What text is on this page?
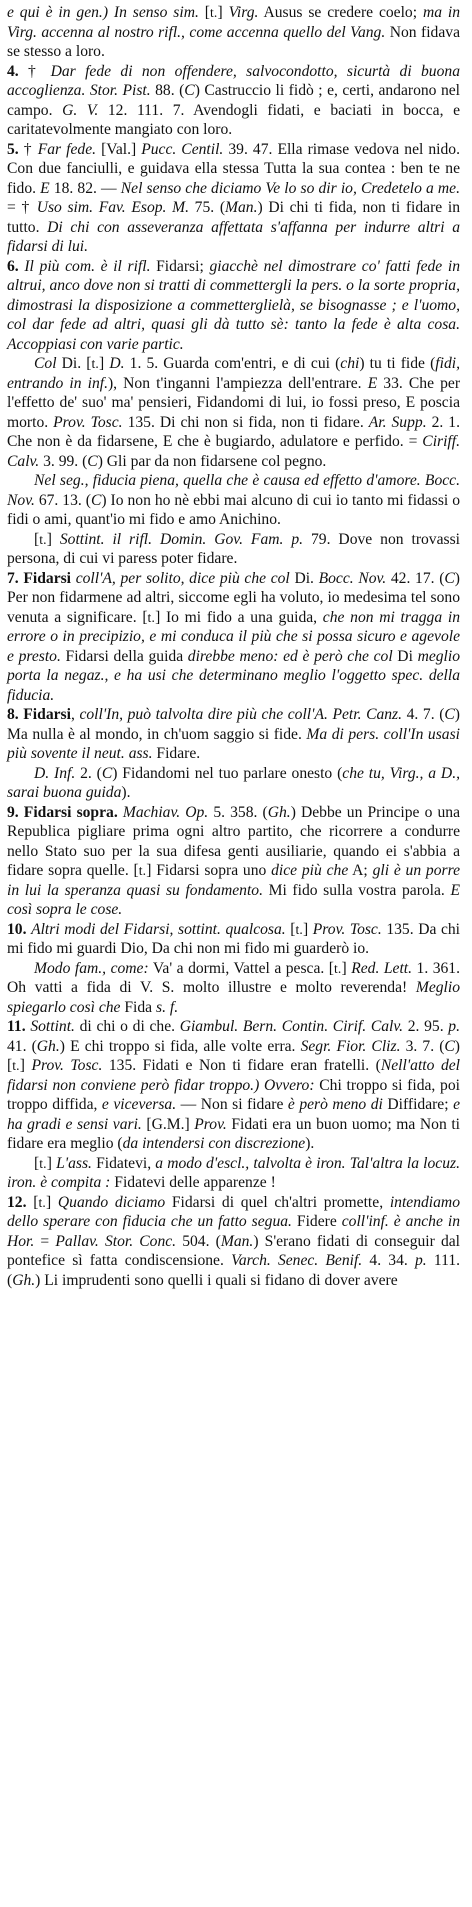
e qui è in gen.) In senso sim. [t.] Virg. Ausus se credere coelo; ma in Virg. accenna al nostro rifl., come accenna quello del Vang. Non fidava se stesso a loro.

4. † Dar fede di non offendere, salvocondotto, sicurtà di buona accoglienza. Stor. Pist. 88. (C) Castruccio li fidò ; e, certi, andarono nel campo. G. V. 12. 111. 7. Avendogli fidati, e baciati in bocca, e caritatevolmente mangiato con loro.

5. † Far fede. [Val.] Pucc. Centil. 39. 47. Ella rimase vedova nel nido. Con due fanciulli, e guidava ella stessa Tutta la sua contea : ben te ne fido. E 18. 82. — Nel senso che diciamo Ve lo so dir io, Credetelo a me. = † Uso sim. Fav. Esop. M. 75. (Man.) Di chi ti fida, non ti fidare in tutto. Di chi con asseveranza affettata s'affanna per indurre altri a fidarsi di lui.

6. Il più com. è il rifl. Fidarsi; giacchè nel dimostrare co' fatti fede in altrui, anco dove non si tratti di commettergli la pers. o la sorte propria, dimostrasi la disposizione a commetterglielà, se bisognasse ; e l'uomo, col dar fede ad altri, quasi gli dà tutto sè: tanto la fede è alta cosa. Accoppiasi con varie partic.

Col Di. [t.] D. 1. 5. Guarda com'entri, e di cui (chi) tu ti fide (fidi, entrando in inf.), Non t'inganni l'ampiezza dell'entrare. E 33. Che per l'effetto de' suo' ma' pensieri, Fidandomi di lui, io fossi preso, E poscia morto. Prov. Tosc. 135. Di chi non si fida, non ti fidare. Ar. Supp. 2. 1. Che non è da fidarsene, E che è bugiardo, adulatore e perfido. = Ciriff. Calv. 3. 99. (C) Gli par da non fidarsene col pegno.

Nel seg., fiducia piena, quella che è causa ed effetto d'amore. Bocc. Nov. 67. 13. (C) Io non ho nè ebbi mai alcuno di cui io tanto mi fidassi o fidi o ami, quant'io mi fido e amo Anichino.

[t.] Sottint. il rifl. Domin. Gov. Fam. p. 79. Dove non trovassi persona, di cui vi paress poter fidare.

7. Fidarsi coll'A, per solito, dice più che col Di. Bocc. Nov. 42. 17. (C) Per non fidarmene ad altri, siccome egli ha voluto, io medesima tel sono venuta a significare. [t.] Io mi fido a una guida, che non mi tragga in errore o in precipizio, e mi conduca il più che si possa sicuro e agevole e presto. Fidarsi della guida direbbe meno: ed è però che col Di meglio porta la negaz., e ha usi che determinano meglio l'oggetto spec. della fiducia.

8. Fidarsi, coll'In, può talvolta dire più che coll'A. Petr. Canz. 4. 7. (C) Ma nulla è al mondo, in ch'uom saggio si fide. Ma di pers. coll'In usasi più sovente il neut. ass. Fidare.

D. Inf. 2. (C) Fidandomi nel tuo parlare onesto (che tu, Virg., a D., sarai buona guida).

9. Fidarsi sopra. Machiav. Op. 5. 358. (Gh.) Debbe un Principe o una Republica pigliare prima ogni altro partito, che ricorrere a condurre nello Stato suo per la sua difesa genti ausiliarie, quando ei s'abbia a fidare sopra quelle. [t.] Fidarsi sopra uno dice più che A; gli è un porre in lui la speranza quasi su fondamento. Mi fido sulla vostra parola. E così sopra le cose.

10. Altri modi del Fidarsi, sottint. qualcosa. [t.] Prov. Tosc. 135. Da chi mi fido mi guardi Dio, Da chi non mi fido mi guarderò io.

Modo fam., come: Va' a dormi, Vattel a pesca. [t.] Red. Lett. 1. 361. Oh vatti a fida di V. S. molto illustre e molto reverenda! Meglio spiegarlo così che Fida s. f.

11. Sottint. di chi o di che. Giambul. Bern. Contin. Cirif. Calv. 2. 95. p. 41. (Gh.) E chi troppo si fida, alle volte erra. Segr. Fior. Cliz. 3. 7. (C) [t.] Prov. Tosc. 135. Fidati e Non ti fidare eran fratelli. (Nell'atto del fidarsi non conviene però fidar troppo.) Ovvero: Chi troppo si fida, poi troppo diffida, e viceversa. — Non si fidare è però meno di Diffidare; e ha gradi e sensi vari. [G.M.] Prov. Fidati era un buon uomo; ma Non ti fidare era meglio (da intendersi con discrezione).

[t.] L'ass. Fidatevi, a modo d'escl., talvolta è iron. Tal'altra la locuz. iron. è compita : Fidatevi delle apparenze !

12. [t.] Quando diciamo Fidarsi di quel ch'altri promette, intendiamo dello sperare con fiducia che un fatto segua. Fidere coll'inf. è anche in Hor. = Pallav. Stor. Conc. 504. (Man.) S'erano fidati di conseguir dal pontefice sì fatta condiscensione. Varch. Senec. Benif. 4. 34. p. 111. (Gh.) Li imprudenti sono quelli i quali si fidano di dover avere
